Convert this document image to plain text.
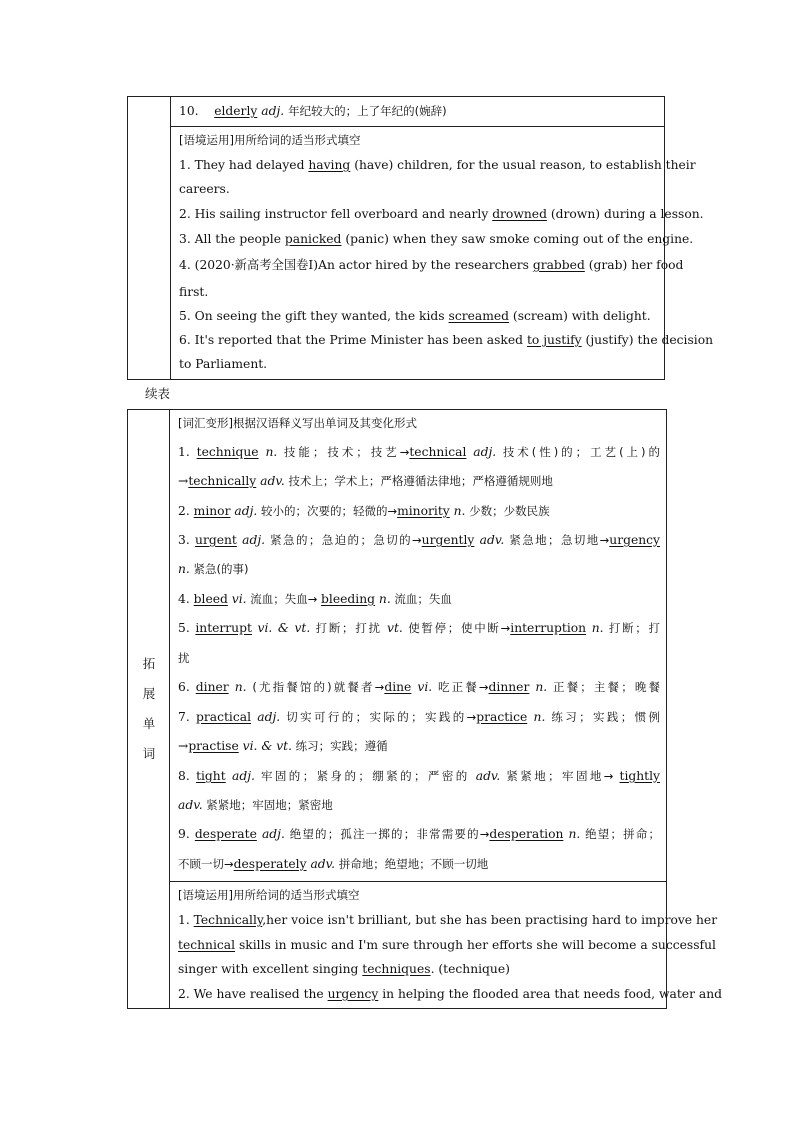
10. elderly adj. 年纪较大的；上了年纪的(婉辞)
[语境运用]用所给词的适当形式填空
1. They had delayed having (have) children, for the usual reason, to establish their
careers.
2. His sailing instructor fell overboard and nearly drowned (drown) during a lesson.
3. All the people panicked (panic) when they saw smoke coming out of the engine.
4. (2020·新高考全国卷Ⅰ)An actor hired by the researchers grabbed (grab) her food
first.
5. On seeing the gift they wanted, the kids screamed (scream) with delight.
6. It's reported that the Prime Minister has been asked to justify (justify) the decision
to Parliament.
续表
拓
展
单
词
[词汇变形]根据汉语释义写出单词及其变化形式
1. technique n. 技能；技术；技艺→technical adj. 技术(性)的；工艺(上)的
→technically adv. 技术上；学术上；严格遵循法律地；严格遵循规则地
2. minor adj. 较小的；次要的；轻微的→minority n. 少数；少数民族
3. urgent adj. 紧急的；急迫的；急切的→urgently adv. 紧急地；急切地→urgency
n. 紧急(的事)
4. bleed vi. 流血；失血→ bleeding n. 流血；失血
5. interrupt vi. & vt. 打断；打扰 vt. 使暂停；使中断→interruption n. 打断；打
扰
6. diner n. (尤指餐馆的)就餐者→dine vi. 吃正餐→dinner n. 正餐；主餐；晚餐
7. practical adj. 切实可行的；实际的；实践的→practice n. 练习；实践；惯例
→practise vi. & vt. 练习；实践；遵循
8. tight adj. 牢固的；紧身的；绷紧的；严密的 adv. 紧紧地；牢固地→ tightly
adv. 紧紧地；牢固地；紧密地
9. desperate adj. 绝望的；孤注一掷的；非常需要的→desperation n. 绝望；拼命；
不顾一切→desperately adv. 拼命地；绝望地；不顾一切地
[语境运用]用所给词的适当形式填空
1. Technically,her voice isn't brilliant, but she has been practising hard to improve her
technical skills in music and I'm sure through her efforts she will become a successful
singer with excellent singing techniques. (technique)
2. We have realised the urgency in helping the flooded area that needs food, water and
